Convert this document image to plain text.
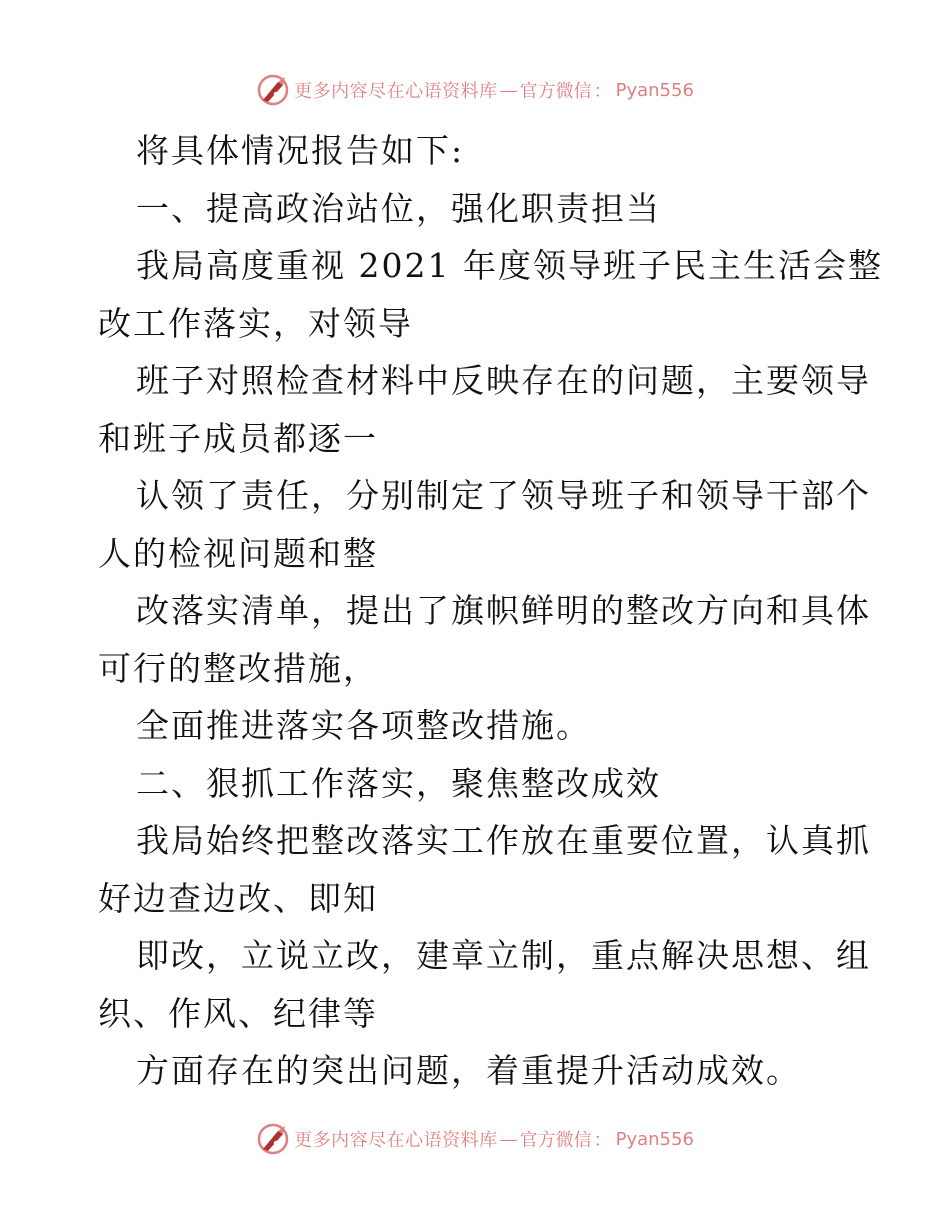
更多内容尽在心语资料库 — 官方微信 ： Pyan556
将具体情况报告如下:
一、提高政治站位，强化职责担当
我局高度重视 2021 年度领导班子民主生活会整
改工作落实，对领导
班子对照检查材料中反映存在的问题，主要领导
和班子成员都逐一
认领了责任，分别制定了领导班子和领导干部个
人的检视问题和整
改落实清单，提出了旗帜鲜明的整改方向和具体
可行的整改措施，
全面推进落实各项整改措施。
二、狠抓工作落实，聚焦整改成效
我局始终把整改落实工作放在重要位置，认真抓
好边查边改、即知
即改，立说立改，建章立制，重点解决思想、组
织、作风、纪律等
方面存在的突出问题，着重提升活动成效。
更多内容尽在心语资料库 — 官方微信 ： Pyan556
